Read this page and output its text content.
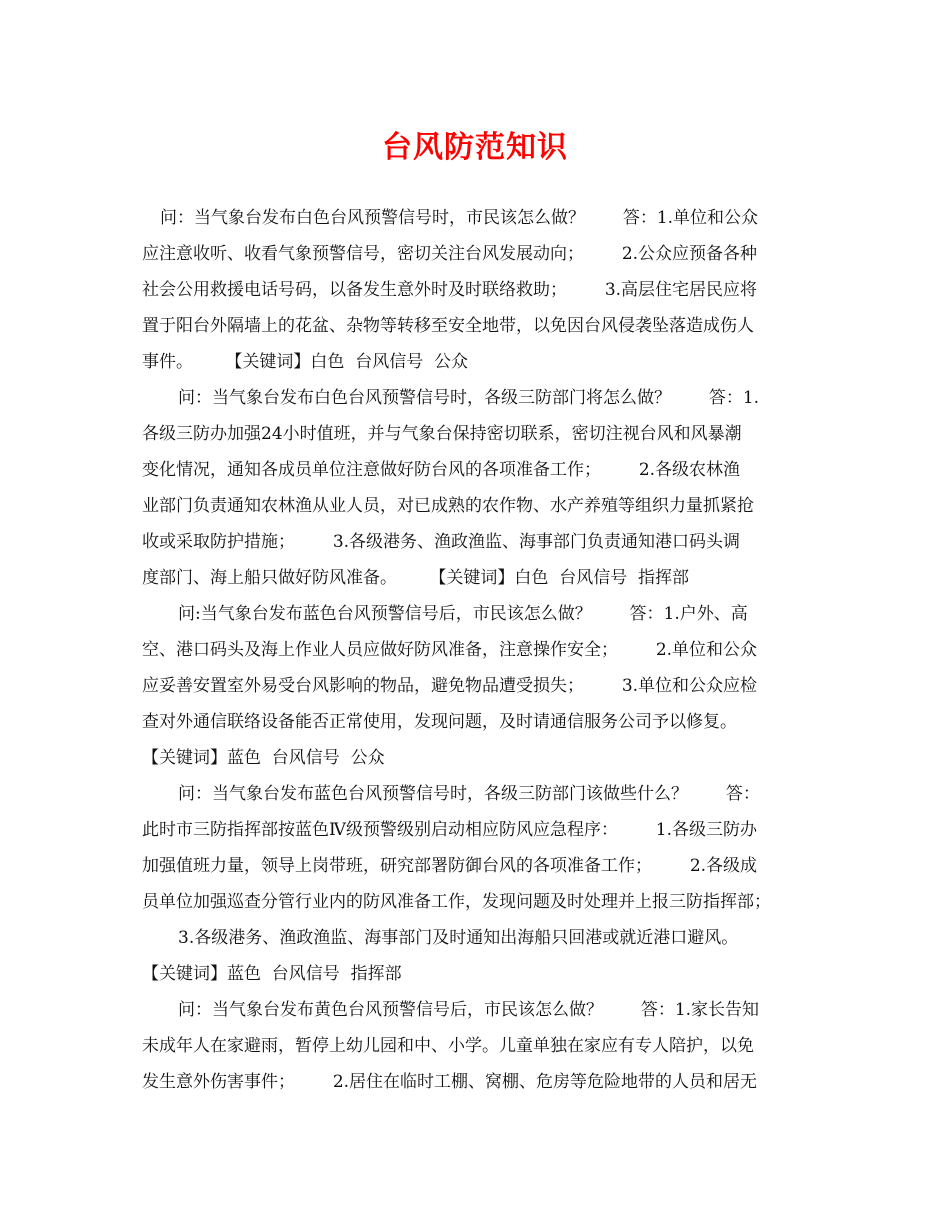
台风防范知识
问：当气象台发布白色台风预警信号时，市民该怎么做？       答：1.单位和公众
应注意收听、收看气象预警信号，密切关注台风发展动向；       2.公众应预备各种
社会公用救援电话号码，以备发生意外时及时联络救助；       3.高层住宅居民应将
置于阳台外隔墙上的花盆、杂物等转移至安全地带，以免因台风侵袭坠落造成伤人
事件。      【关键词】白色  台风信号  公众
问：当气象台发布白色台风预警信号时，各级三防部门将怎么做？       答：1.
各级三防办加强24小时值班，并与气象台保持密切联系，密切注视台风和风暴潮
变化情况，通知各成员单位注意做好防台风的各项准备工作；       2.各级农林渔
业部门负责通知农林渔从业人员，对已成熟的农作物、水产养殖等组织力量抓紧抢
收或采取防护措施；       3.各级港务、渔政渔监、海事部门负责通知港口码头调
度部门、海上船只做好防风准备。      【关键词】白色  台风信号  指挥部
问:当气象台发布蓝色台风预警信号后，市民该怎么做？       答：1.户外、高
空、港口码头及海上作业人员应做好防风准备，注意操作安全；       2.单位和公众
应妥善安置室外易受台风影响的物品，避免物品遭受损失；       3.单位和公众应检
查对外通信联络设备能否正常使用，发现问题，及时请通信服务公司予以修复。
【关键词】蓝色  台风信号  公众
问：当气象台发布蓝色台风预警信号时，各级三防部门该做些什么？       答：
此时市三防指挥部按蓝色Ⅳ级预警级别启动相应防风应急程序：       1.各级三防办
加强值班力量，领导上岗带班，研究部署防御台风的各项准备工作；       2.各级成
员单位加强巡查分管行业内的防风准备工作，发现问题及时处理并上报三防指挥部；
3.各级港务、渔政渔监、海事部门及时通知出海船只回港或就近港口避风。
【关键词】蓝色  台风信号  指挥部
问：当气象台发布黄色台风预警信号后，市民该怎么做？       答：1.家长告知
未成年人在家避雨，暂停上幼儿园和中、小学。儿童单独在家应有专人陪护，以免
发生意外伤害事件；       2.居住在临时工棚、窝棚、危房等危险地带的人员和居无
